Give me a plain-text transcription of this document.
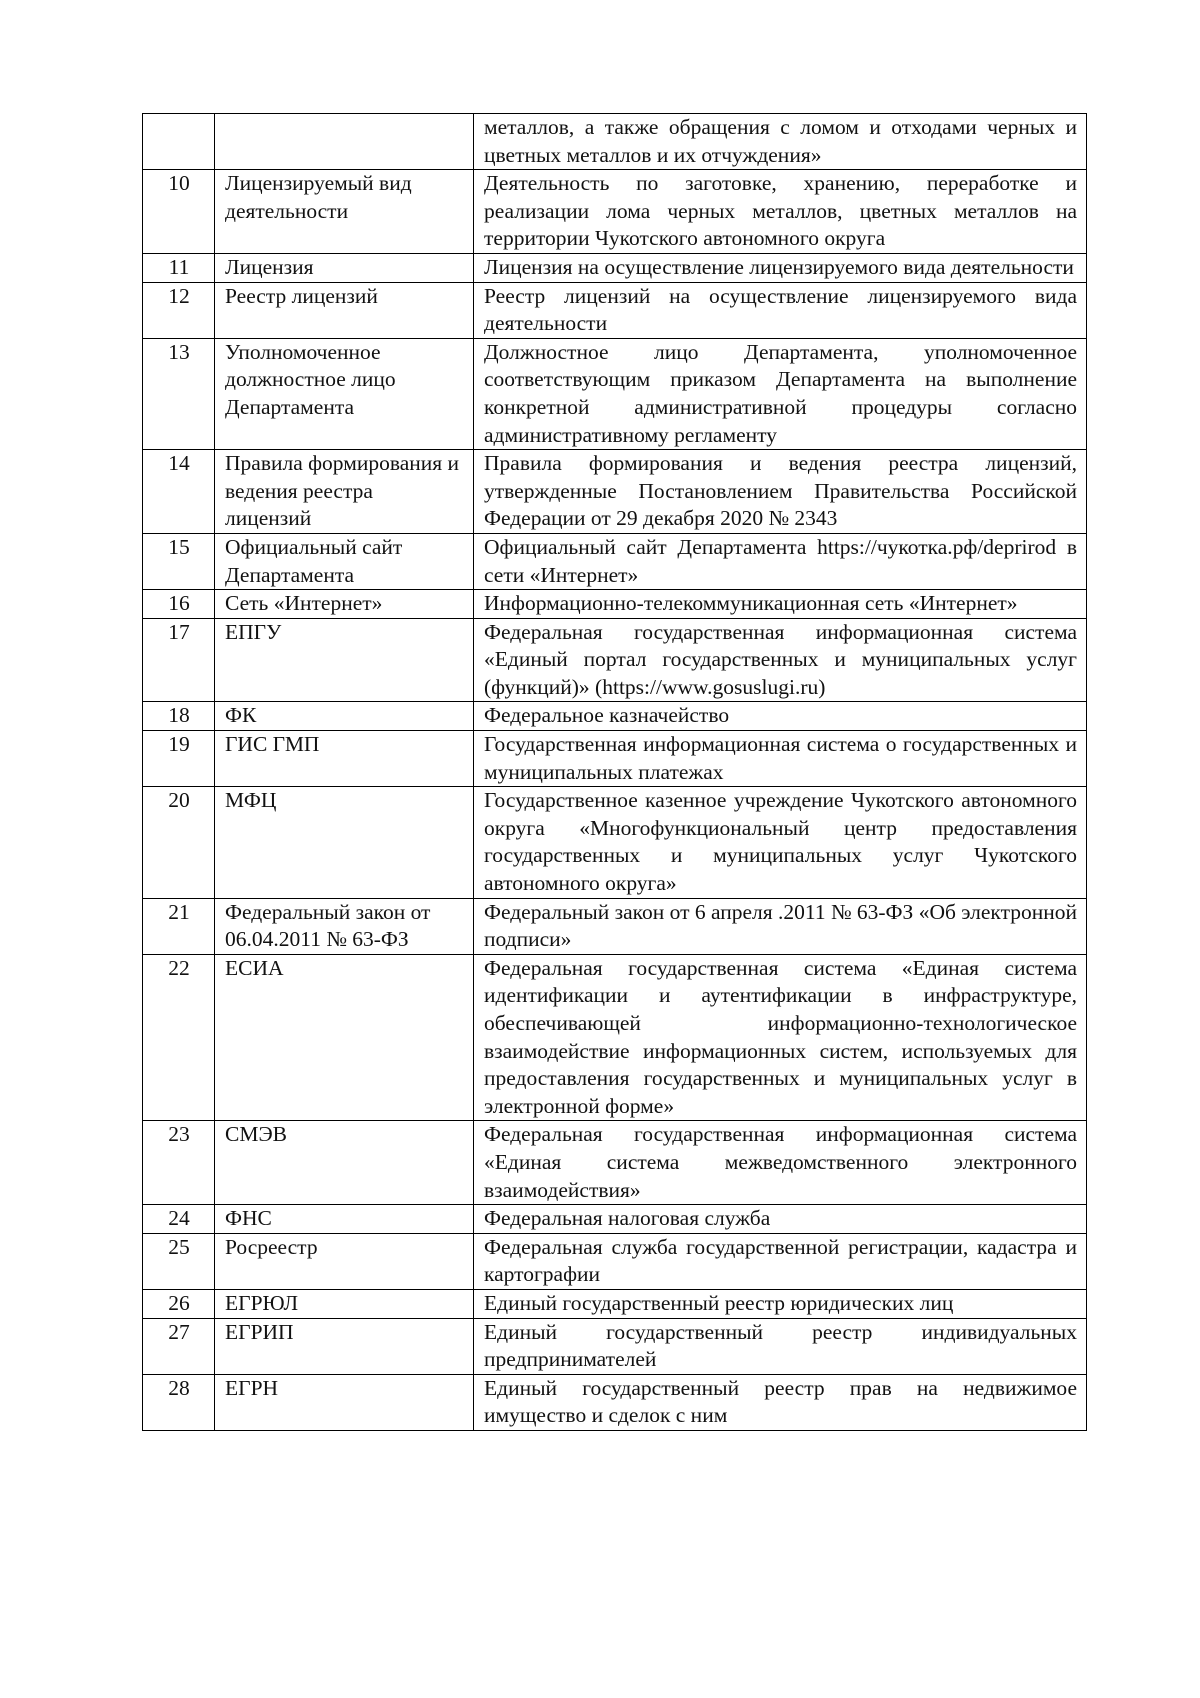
		металлов, а также обращения с ломом и отходами черных и цветных металлов и их отчуждения»
10	Лицензируемый вид деятельности	Деятельность по заготовке, хранению, переработке и реализации лома черных металлов, цветных металлов на территории Чукотского автономного округа
11	Лицензия	Лицензия на осуществление лицензируемого вида деятельности
12	Реестр лицензий	Реестр лицензий на осуществление лицензируемого вида деятельности
13	Уполномоченное должностное лицо Департамента	Должностное лицо Департамента, уполномоченное соответствующим приказом Департамента на выполнение конкретной административной процедуры согласно административному регламенту
14	Правила формирования и ведения реестра лицензий	Правила формирования и ведения реестра лицензий, утвержденные Постановлением Правительства Российской Федерации от 29 декабря 2020 № 2343
15	Официальный сайт Департамента	Официальный сайт Департамента https://чукотка.рф/deprirod в сети «Интернет»
16	Сеть «Интернет»	Информационно-телекоммуникационная сеть «Интернет»
17	ЕПГУ	Федеральная государственная информационная система «Единый портал государственных и муниципальных услуг (функций)» (https://www.gosuslugi.ru)
18	ФК	Федеральное казначейство
19	ГИС ГМП	Государственная информационная система о государственных и муниципальных платежах
20	МФЦ	Государственное казенное учреждение Чукотского автономного округа «Многофункциональный центр предоставления государственных и муниципальных услуг Чукотского автономного округа»
21	Федеральный закон от 06.04.2011 № 63-ФЗ	Федеральный закон от 6 апреля .2011 № 63-ФЗ «Об электронной подписи»
22	ЕСИА	Федеральная государственная система «Единая система идентификации и аутентификации в инфраструктуре, обеспечивающей информационно-технологическое взаимодействие информационных систем, используемых для предоставления государственных и муниципальных услуг в электронной форме»
23	СМЭВ	Федеральная государственная информационная система «Единая система межведомственного электронного взаимодействия»
24	ФНС	Федеральная налоговая служба
25	Росреестр	Федеральная служба государственной регистрации, кадастра и картографии
26	ЕГРЮЛ	Единый государственный реестр юридических лиц
27	ЕГРИП	Единый государственный реестр индивидуальных предпринимателей
28	ЕГРН	Единый государственный реестр прав на недвижимое имущество и сделок с ним
